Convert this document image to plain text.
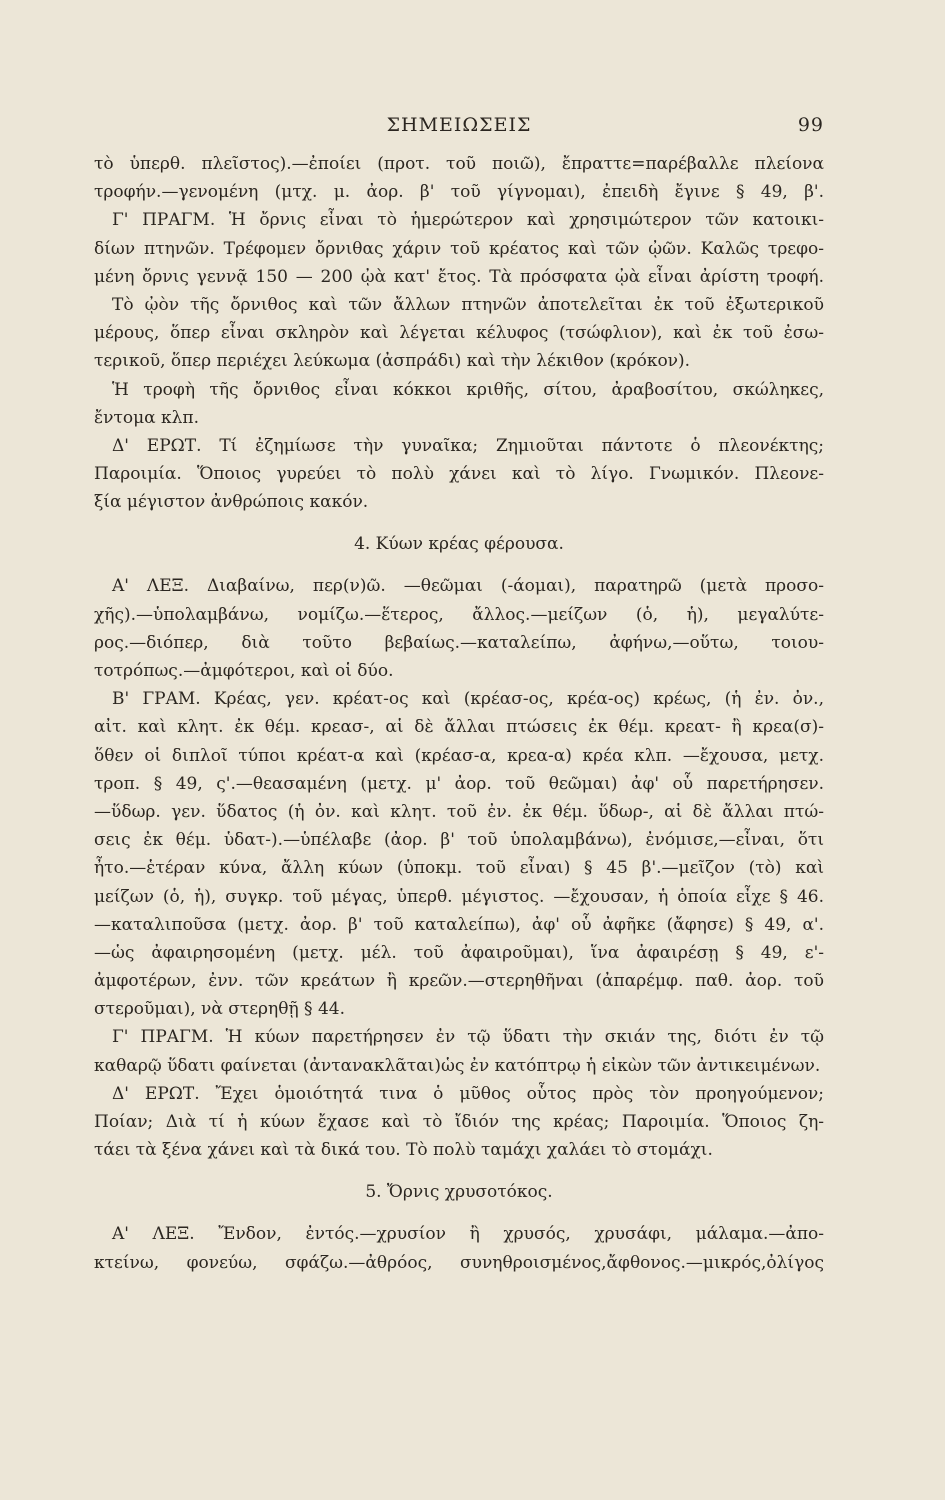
ΣΗΜΕΙΩΣΕΙΣ	99
τὸ ὑπερθ. πλεῖστος).—ἐποίει (προτ. τοῦ ποιῶ), ἔπραττε=παρέβαλλε πλείονα
τροφήν.—γενομένη (μτχ. μ. ἀορ. β' τοῦ γίγνομαι), ἐπειδὴ ἔγινε § 49, β'.
Γ' ΠΡΑΓΜ. Ἡ ὄρνις εἶναι τὸ ἡμερώτερον καὶ χρησιμώτερον τῶν κατοικι-
δίων πτηνῶν. Τρέφομεν ὄρνιθας χάριν τοῦ κρέατος καὶ τῶν ᾠῶν. Καλῶς τρεφο-
μένη ὄρνις γεννᾷ 150 — 200 ᾠὰ κατ' ἔτος. Τὰ πρόσφατα ᾠὰ εἶναι ἀρίστη τροφή.
Τὸ ᾠὸν τῆς ὄρνιθος καὶ τῶν ἄλλων πτηνῶν ἀποτελεῖται ἐκ τοῦ ἐξωτερικοῦ
μέρους, ὅπερ εἶναι σκληρὸν καὶ λέγεται κέλυφος (τσώφλιον), καὶ ἐκ τοῦ ἐσω-
τερικοῦ, ὅπερ περιέχει λεύκωμα (ἀσπράδι) καὶ τὴν λέκιθον (κρόκον).
Ἡ τροφὴ τῆς ὄρνιθος εἶναι κόκκοι κριθῆς, σίτου, ἀραβοσίτου, σκώληκες,
ἔντομα κλπ.
Δ' ΕΡΩΤ. Τί ἐζημίωσε τὴν γυναῖκα; Ζημιοῦται πάντοτε ὁ πλεονέκτης;
Παροιμία. Ὅποιος γυρεύει τὸ πολὺ χάνει καὶ τὸ λίγο. Γνωμικόν. Πλεονε-
ξία μέγιστον ἀνθρώποις κακόν.
4. Κύων κρέας φέρουσα.
Α' ΛΕΞ. Διαβαίνω, περ(ν)ῶ. —θεῶμαι (-άομαι), παρατηρῶ (μετὰ προσο-
χῆς).—ὑπολαμβάνω, νομίζω.—ἕτερος, ἄλλος.—μείζων (ὁ, ἡ), μεγαλύτε-
ρος.—διόπερ, διὰ τοῦτο βεβαίως.—καταλείπω, ἀφήνω,—οὕτω, τοιου-
τοτρόπως.—ἀμφότεροι, καὶ οἱ δύο.
Β' ΓΡΑΜ. Κρέας, γεν. κρέατ-ος καὶ (κρέασ-ος, κρέα-ος) κρέως, (ἡ ἐν. ὀν.,
αἰτ. καὶ κλητ. ἐκ θέμ. κρεασ-, αἱ δὲ ἄλλαι πτώσεις ἐκ θέμ. κρεατ- ἢ κρεα(σ)-
ὅθεν οἱ διπλοῖ τύποι κρέατ-α καὶ (κρέασ-α, κρεα-α) κρέα κλπ. —ἔχουσα, μετχ.
τροπ. § 49, ς'.—θεασαμένη (μετχ. μ' ἀορ. τοῦ θεῶμαι) ἀφ' οὗ παρετήρησεν.
—ὕδωρ. γεν. ὕδατος (ἡ ὀν. καὶ κλητ. τοῦ ἐν. ἐκ θέμ. ὕδωρ-, αἱ δὲ ἄλλαι πτώ-
σεις ἐκ θέμ. ὑδατ-).—ὑπέλαβε (ἀορ. β' τοῦ ὑπολαμβάνω), ἐνόμισε,—εἶναι, ὅτι
ἦτο.—ἑτέραν κύνα, ἄλλη κύων (ὑποκμ. τοῦ εἶναι) § 45 β'.—μεῖζον (τὸ) καὶ
μείζων (ὁ, ἡ), συγκρ. τοῦ μέγας, ὑπερθ. μέγιστος. —ἔχουσαν, ἡ ὁποία εἶχε § 46.
—καταλιποῦσα (μετχ. ἀορ. β' τοῦ καταλείπω), ἀφ' οὗ ἀφῆκε (ἄφησε) § 49, α'.
—ὡς ἀφαιρησομένη (μετχ. μέλ. τοῦ ἀφαιροῦμαι), ἵνα ἀφαιρέσῃ § 49, ε'-
ἀμφοτέρων, ἐνν. τῶν κρεάτων ἢ κρεῶν.—στερηθῆναι (ἀπαρέμφ. παθ. ἀορ. τοῦ
στεροῦμαι), νὰ στερηθῇ § 44.
Γ' ΠΡΑΓΜ. Ἡ κύων παρετήρησεν ἐν τῷ ὕδατι τὴν σκιάν της, διότι ἐν τῷ
καθαρῷ ὕδατι φαίνεται (ἀντανακλᾶται)ὡς ἐν κατόπτρῳ ἡ εἰκὼν τῶν ἀντικειμένων.
Δ' ΕΡΩΤ. Ἔχει ὁμοιότητά τινα ὁ μῦθος οὗτος πρὸς τὸν προηγούμενον;
Ποίαν; Διὰ τί ἡ κύων ἔχασε καὶ τὸ ἴδιόν της κρέας; Παροιμία. Ὅποιος ζη-
τάει τὰ ξένα χάνει καὶ τὰ δικά του. Τὸ πολὺ ταμάχι χαλάει τὸ στομάχι.
5. Ὄρνις χρυσοτόκος.
Α' ΛΕΞ. Ἔνδον, ἐντός.—χρυσίον ἢ χρυσός, χρυσάφι, μάλαμα.—ἀπο-
κτείνω, φονεύω, σφάζω.—ἀθρόος, συνηθροισμένος,ἄφθονος.—μικρός,ὀλίγος
